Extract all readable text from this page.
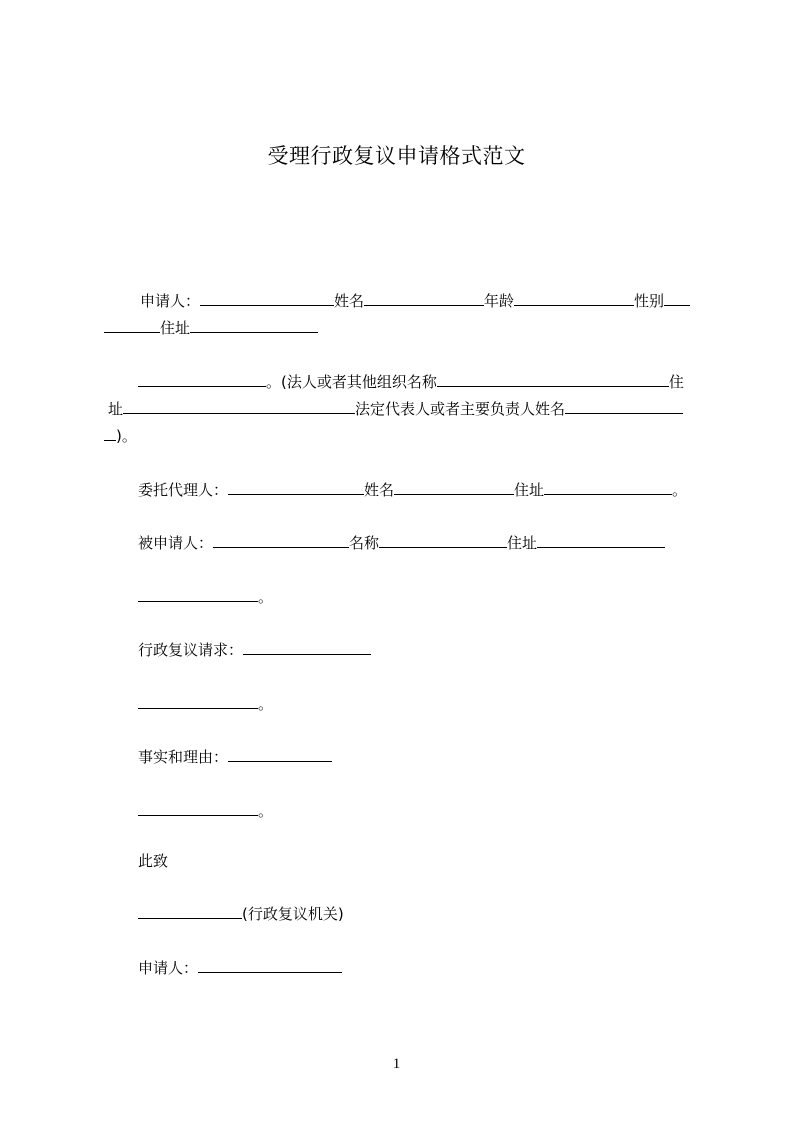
受理行政复议申请格式范文
申请人：	姓名	年龄	性别
住址
。(法人或者其他组织名称	住
址	法定代表人或者主要负责人姓名
)。
委托代理人：	姓名	住址	。
被申请人：	名称	住址
。
行政复议请求：
。
事实和理由：
。
此致
(行政复议机关)
申请人：
1
